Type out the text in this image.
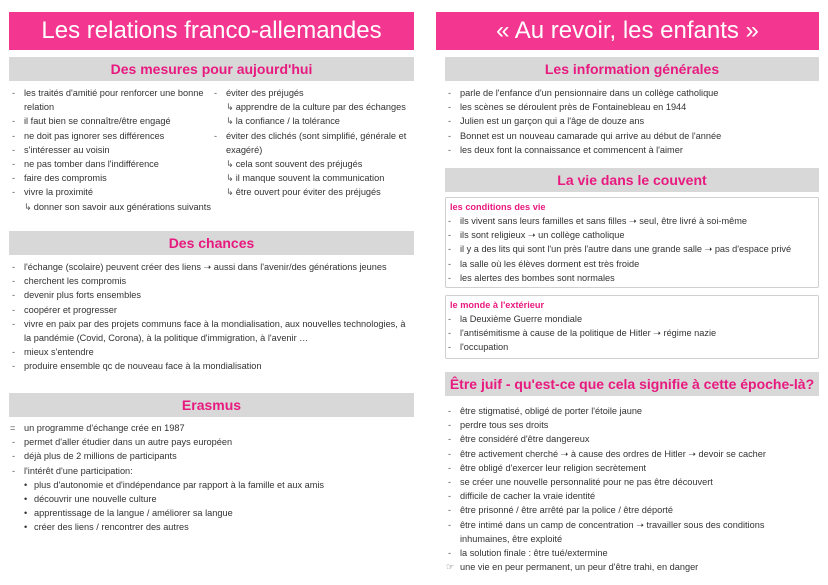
Les relations franco-allemandes
Des mesures pour aujourd'hui
- les traités d'amitié pour renforcer une bonne relation
- il faut bien se connaître/être engagé
- ne doit pas ignorer ses différences
- s'intéresser au voisin
- ne pas tomber dans l'indifférence
- faire des compromis
- vivre la proximité
↳ donner son savoir aux générations suivants
- éviter des préjugés
↳ apprendre de la culture par des échanges
↳ la confiance / la tolérance
- éviter des clichés (sont simplifié, générale et exagéré)
↳ cela sont souvent des préjugés
↳ il manque souvent la communication
↳ être ouvert pour éviter des préjugés
Des chances
- l'échange (scolaire) peuvent créer des liens ➝ aussi dans l'avenir/des générations jeunes
- cherchent les compromis
- devenir plus forts ensembles
- coopérer et progresser
- vivre en paix par des projets communs face à la mondialisation, aux nouvelles technologies, à la pandémie (Covid, Corona), à la politique d'immigration, à l'avenir …
- mieux s'entendre
- produire ensemble qc de nouveau face à la mondialisation
Erasmus
= un programme d'échange crée en 1987
- permet d'aller étudier dans un autre pays européen
- déjà plus de 2 millions de participants
- l'intérêt d'une participation:
• plus d'autonomie et d'indépendance par rapport à la famille et aux amis
• découvrir une nouvelle culture
• apprentissage de la langue / améliorer sa langue
• créer des liens / rencontrer des autres
« Au revoir, les enfants »
Les information générales
- parle de l'enfance d'un pensionnaire dans un collège catholique
- les scènes se déroulent près de Fontainebleau en 1944
- Julien est un garçon qui a l'âge de douze ans
- Bonnet est un nouveau camarade qui arrive au début de l'année
- les deux font la connaissance et commencent à l'aimer
La vie dans le couvent
les conditions des vie
- ils vivent sans leurs familles et sans filles ➝ seul, être livré à soi-même
- ils sont religieux ➝ un collège catholique
- il y a des lits qui sont l'un près l'autre dans une grande salle ➝ pas d'espace privé
- la salle où les élèves dorment est très froide
- les alertes des bombes sont normales
le monde à l'extérieur
- la Deuxième Guerre mondiale
- l'antisémitisme à cause de la politique de Hitler ➝ régime nazie
- l'occupation
Être juif - qu'est-ce que cela signifie à cette époche-là?
- être stigmatisé, obligé de porter l'étoile jaune
- perdre tous ses droits
- être considéré d'être dangereux
- être activement cherché ➝ à cause des ordres de Hitler ➝ devoir se cacher
- être obligé d'exercer leur religion secrètement
- se créer une nouvelle personnalité pour ne pas être découvert
- difficile de cacher la vraie identité
- être prisonné / être arrêté par la police / être déporté
- être intimé dans un camp de concentration ➝ travailler sous des conditions inhumaines, être exploité
- la solution finale : être tué/extermine
☞ une vie en peur permanent, un peur d'être trahi, en danger
